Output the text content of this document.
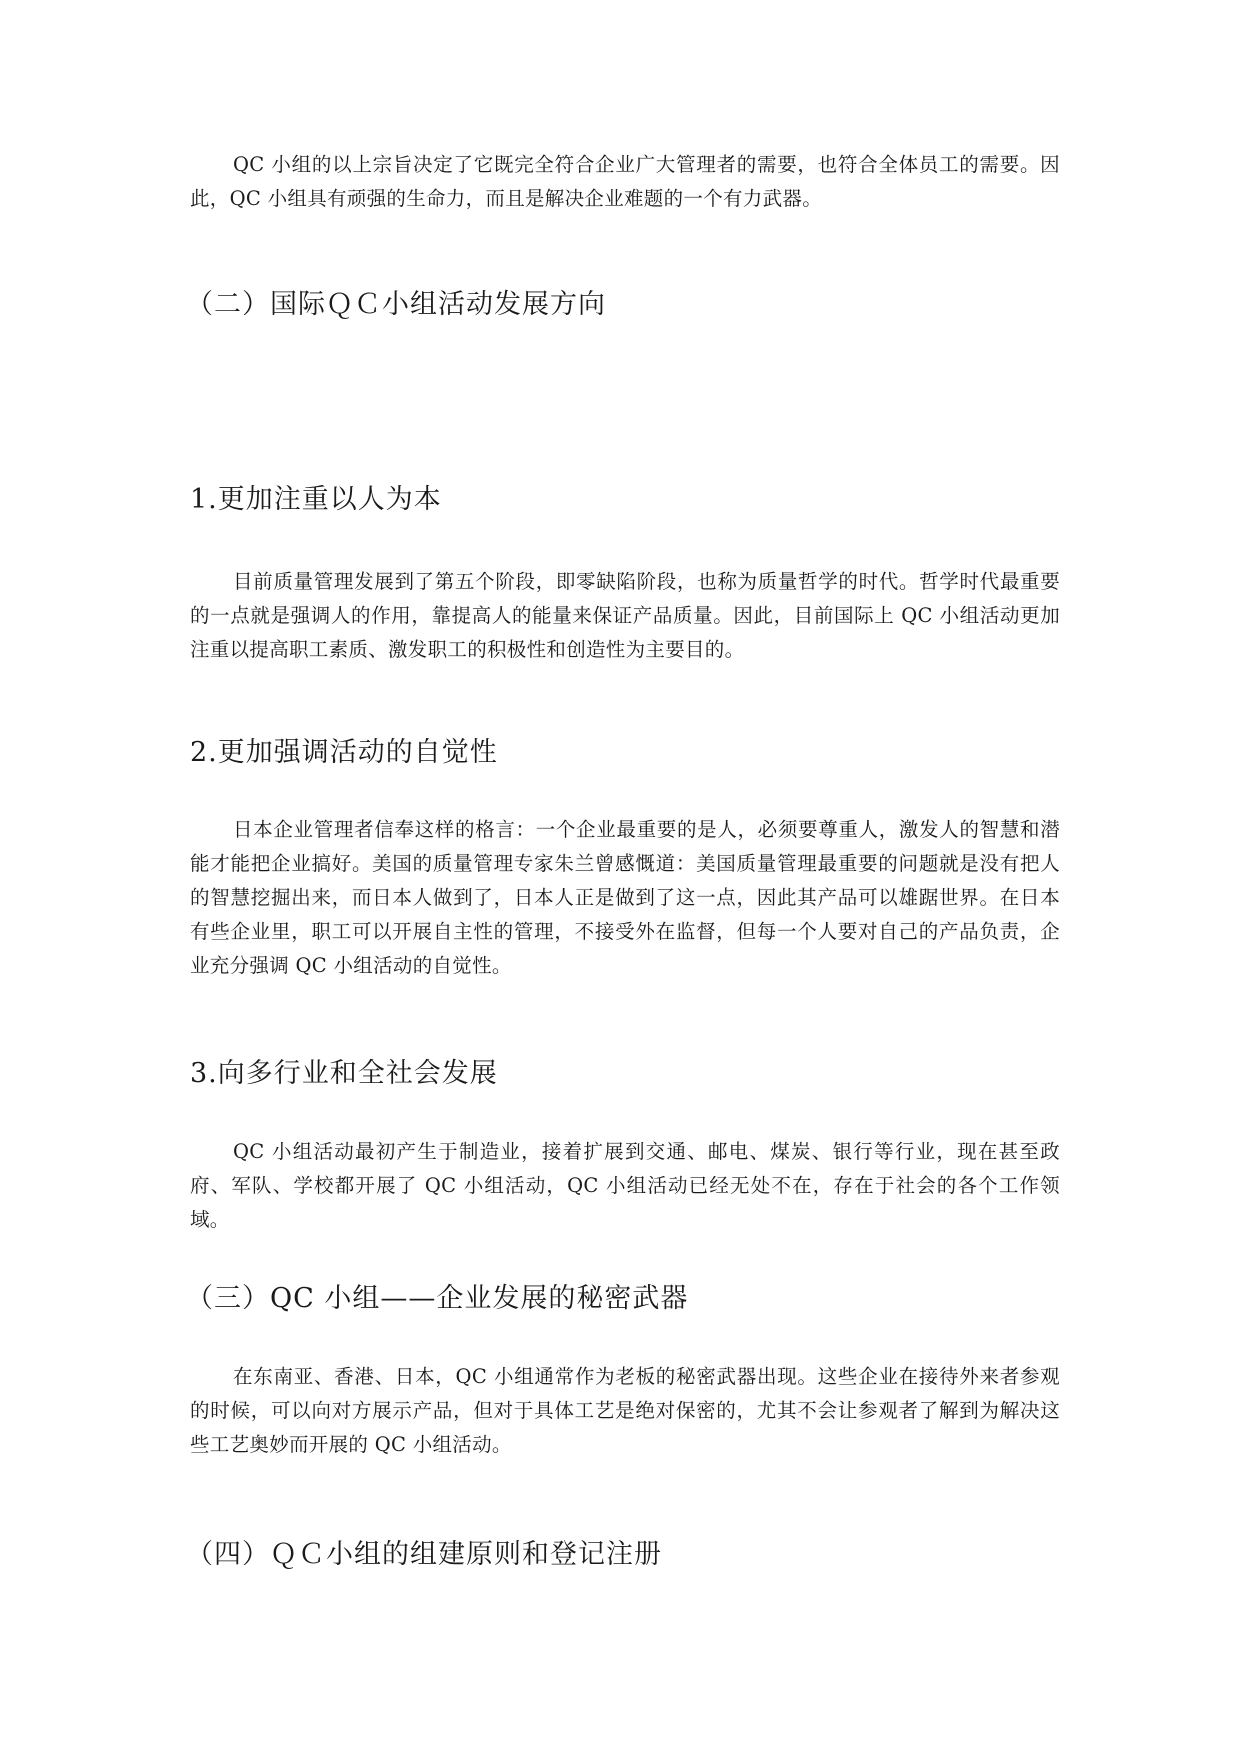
QC 小组的以上宗旨决定了它既完全符合企业广大管理者的需要，也符合全体员工的需要。因此，QC 小组具有顽强的生命力，而且是解决企业难题的一个有力武器。

（二）国际ＱＣ小组活动发展方向
1.更加注重以人为本

目前质量管理发展到了第五个阶段，即零缺陷阶段，也称为质量哲学的时代。哲学时代最重要的一点就是强调人的作用，靠提高人的能量来保证产品质量。因此，目前国际上 QC 小组活动更加注重以提高职工素质、激发职工的积极性和创造性为主要目的。

2.更加强调活动的自觉性

日本企业管理者信奉这样的格言：一个企业最重要的是人，必须要尊重人，激发人的智慧和潜能才能把企业搞好。美国的质量管理专家朱兰曾感慨道：美国质量管理最重要的问题就是没有把人的智慧挖掘出来，而日本人做到了，日本人正是做到了这一点，因此其产品可以雄踞世界。在日本有些企业里，职工可以开展自主性的管理，不接受外在监督，但每一个人要对自己的产品负责，企业充分强调 QC 小组活动的自觉性。

3.向多行业和全社会发展

QC 小组活动最初产生于制造业，接着扩展到交通、邮电、煤炭、银行等行业，现在甚至政府、军队、学校都开展了 QC 小组活动，QC 小组活动已经无处不在，存在于社会的各个工作领域。

（三）QC 小组——企业发展的秘密武器

在东南亚、香港、日本，QC 小组通常作为老板的秘密武器出现。这些企业在接待外来者参观的时候，可以向对方展示产品，但对于具体工艺是绝对保密的，尤其不会让参观者了解到为解决这些工艺奥妙而开展的 QC 小组活动。

（四）ＱＣ小组的组建原则和登记注册
